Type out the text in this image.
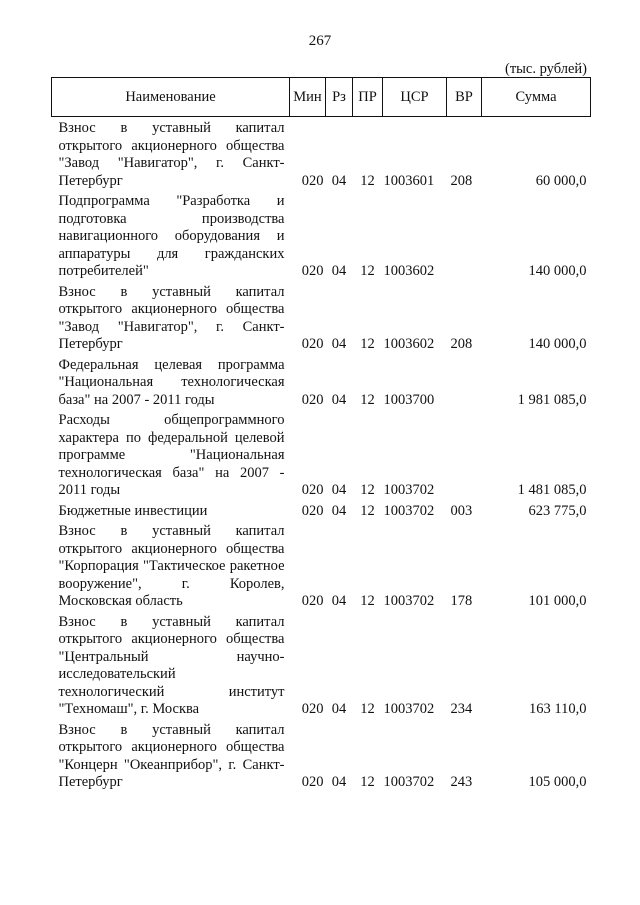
267
(тыс. рублей)
Наименование	Мин	Рз	ПР	ЦСР	ВР	Сумма
Взнос в уставный капитал открытого акционерного общества "Завод "Навигатор", г. Санкт-Петербург	020	04	12	1003601	208	60 000,0
Подпрограмма "Разработка и подготовка производства навигационного оборудования и аппаратуры для гражданских потребителей"	020	04	12	1003602		140 000,0
Взнос в уставный капитал открытого акционерного общества "Завод "Навигатор", г. Санкт-Петербург	020	04	12	1003602	208	140 000,0
Федеральная целевая программа "Национальная технологическая база" на 2007 - 2011 годы	020	04	12	1003700		1 981 085,0
Расходы общепрограммного характера по федеральной целевой программе "Национальная технологическая база" на 2007 - 2011 годы	020	04	12	1003702		1 481 085,0
Бюджетные инвестиции	020	04	12	1003702	003	623 775,0
Взнос в уставный капитал открытого акционерного общества "Корпорация "Тактическое ракетное вооружение", г. Королев, Московская область	020	04	12	1003702	178	101 000,0
Взнос в уставный капитал открытого акционерного общества "Центральный научно-исследовательский технологический институт "Техномаш", г. Москва	020	04	12	1003702	234	163 110,0
Взнос в уставный капитал открытого акционерного общества "Концерн "Океанприбор", г. Санкт-Петербург	020	04	12	1003702	243	105 000,0
